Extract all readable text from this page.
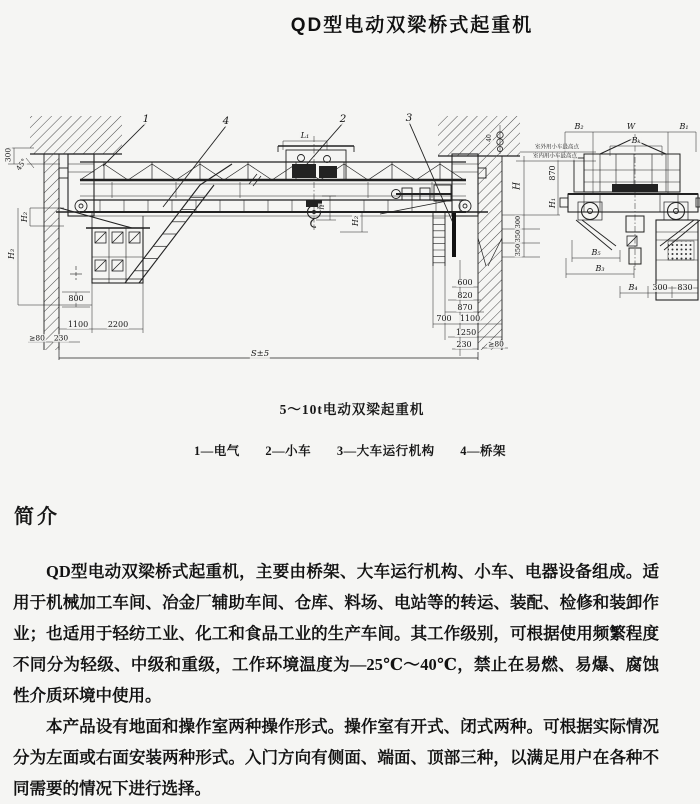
QD型电动双梁桥式起重机
1	4	2	3
300
45°
H₂
H₃
800
1100 2200
≥80 230
S±5
L₁
h
H₂
40
室外用小车最高点
室内用小车最高点
H
300
350
350
600
820
870
700 1100
1250
230 ≥80
B₂	W	B₁
Bₖ
870
H₁
B₅
B₃
B₄ 300 830
5～10t电动双梁起重机
1—电气 2—小车 3—大车运行机构 4—桥架
简介

QD型电动双梁桥式起重机，主要由桥架、大车运行机构、小车、电器设备组成。适用于机械加工车间、冶金厂辅助车间、仓库、料场、电站等的转运、装配、检修和装卸作业；也适用于轻纺工业、化工和食品工业的生产车间。其工作级别，可根据使用频繁程度不同分为轻级、中级和重级，工作环境温度为—25℃～40℃，禁止在易燃、易爆、腐蚀性介质环境中使用。

本产品设有地面和操作室两种操作形式。操作室有开式、闭式两种。可根据实际情况分为左面或右面安装两种形式。入门方向有侧面、端面、顶部三种，以满足用户在各种不同需要的情况下进行选择。
